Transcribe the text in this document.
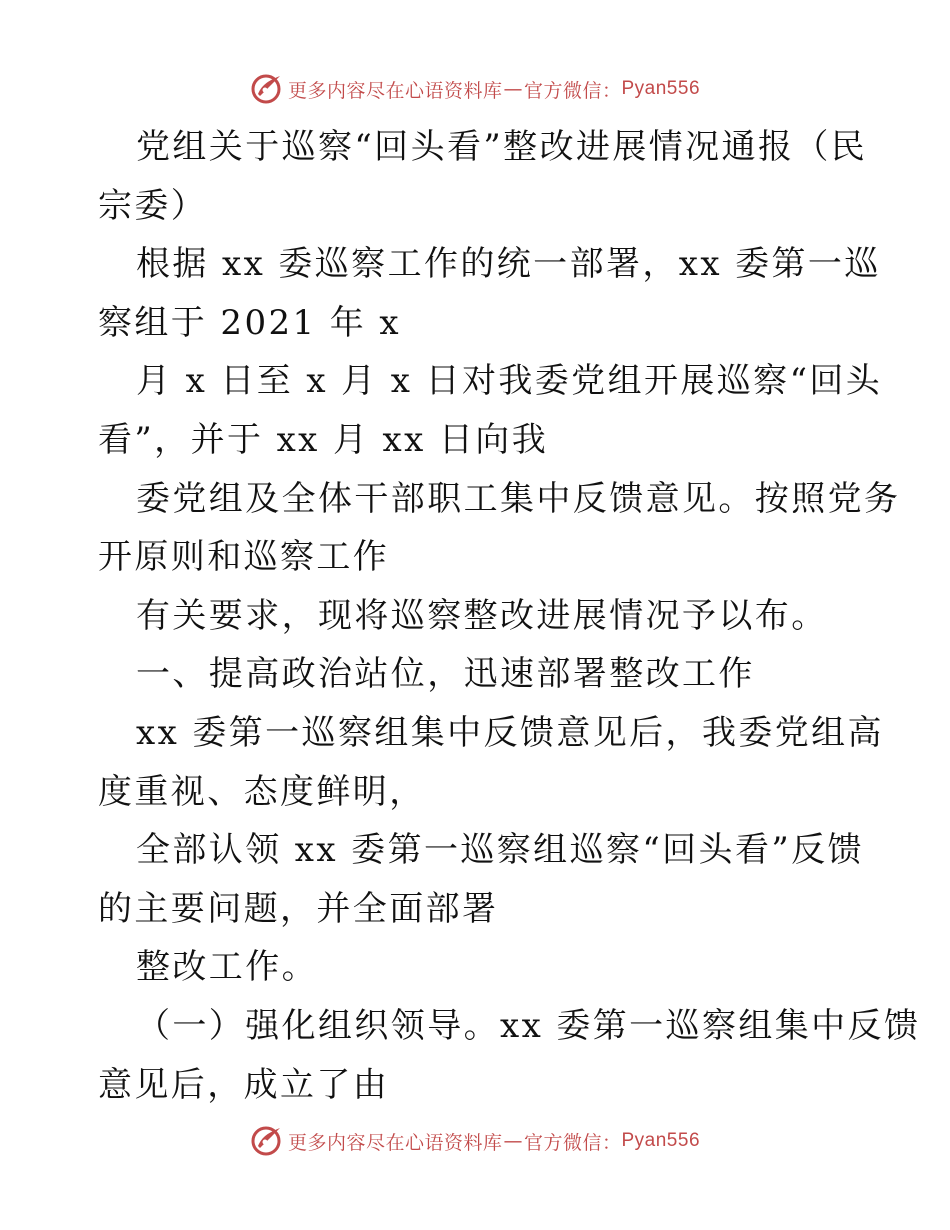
更多内容尽在心语资料库 — 官方微信： Pyan556
党组关于巡察“回头看”整改进展情况通报（民
宗委）
根据 xx 委巡察工作的统一部署，xx 委第一巡
察组于 2021 年 x
月 x 日至 x 月 x 日对我委党组开展巡察“回头
看”，并于 xx 月 xx 日向我
委党组及全体干部职工集中反馈意见。按照党务
开原则和巡察工作
有关要求，现将巡察整改进展情况予以布。
一、提高政治站位，迅速部署整改工作
xx 委第一巡察组集中反馈意见后，我委党组高
度重视、态度鲜明，
全部认领 xx 委第一巡察组巡察“回头看”反馈
的主要问题，并全面部署
整改工作。
（一）强化组织领导。xx 委第一巡察组集中反馈
意见后，成立了由
更多内容尽在心语资料库 — 官方微信： Pyan556
